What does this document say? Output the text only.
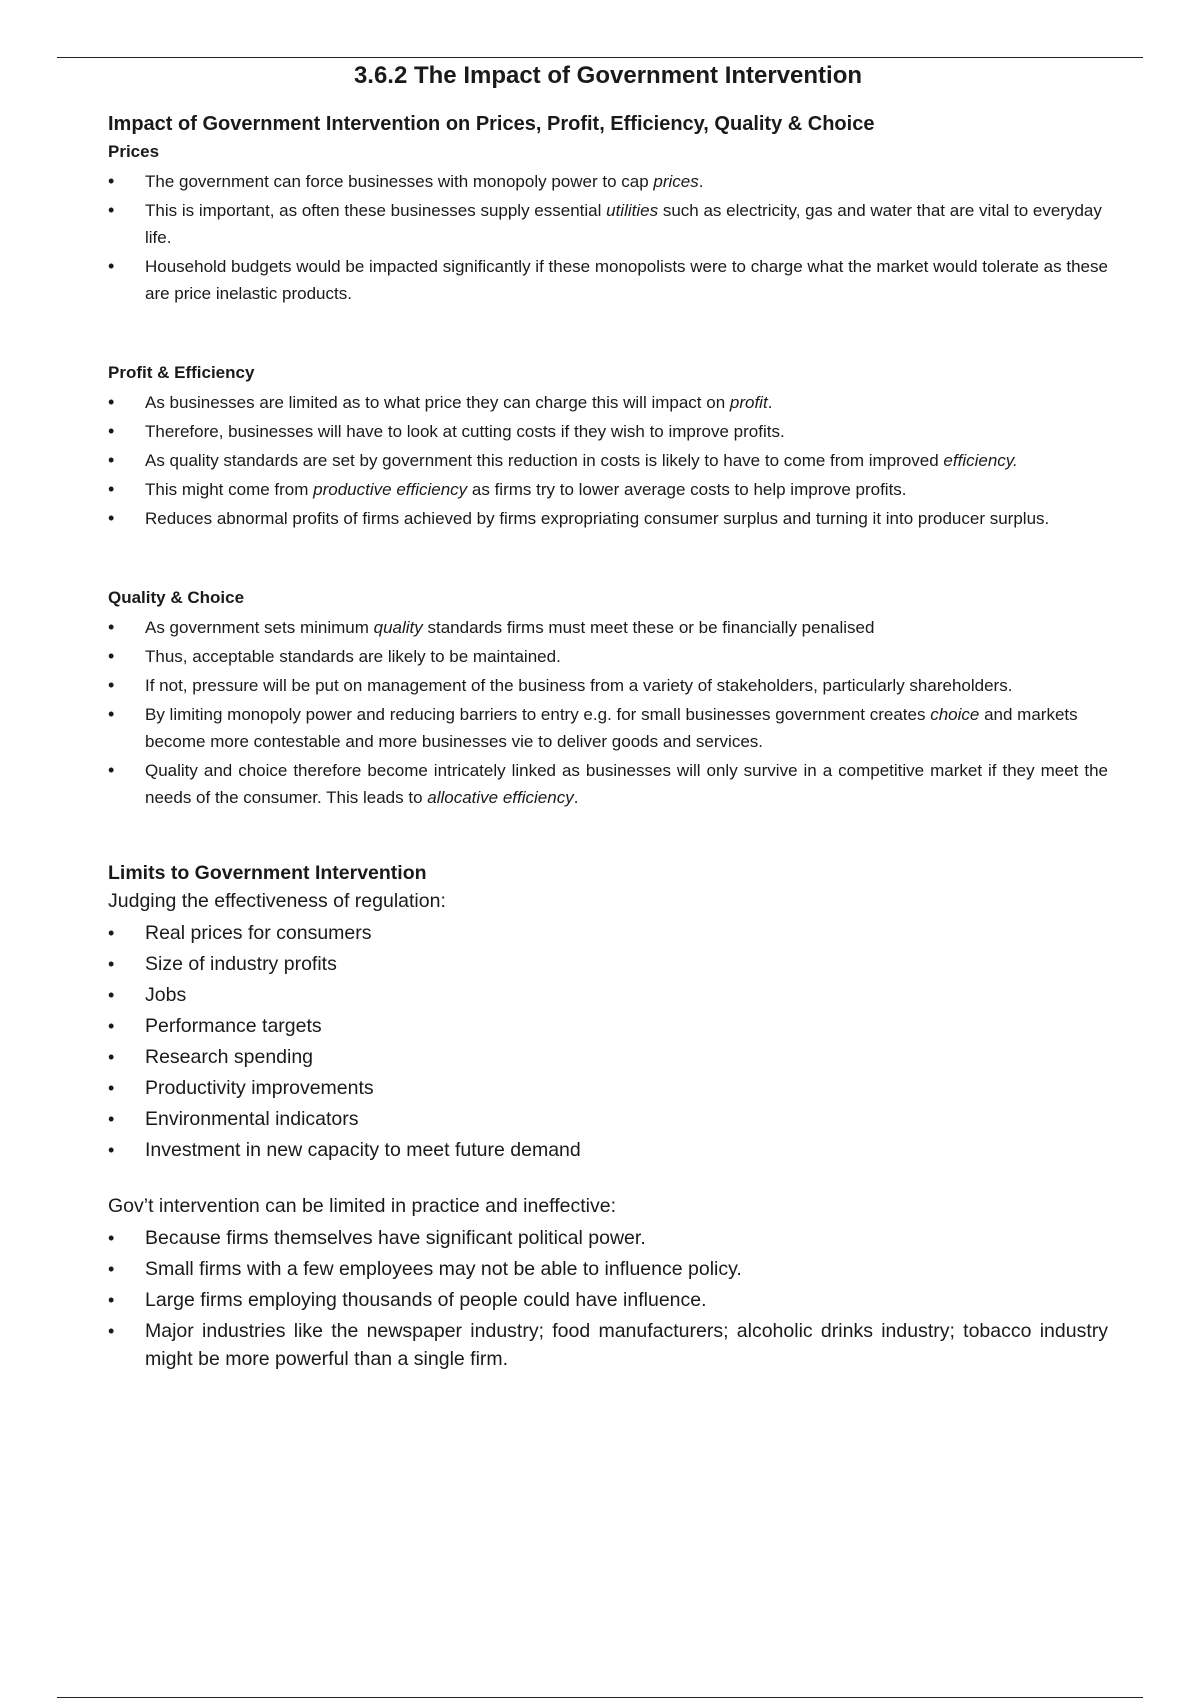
3.6.2 The Impact of Government Intervention
Impact of Government Intervention on Prices, Profit, Efficiency, Quality & Choice
Prices
• The government can force businesses with monopoly power to cap prices.
• This is important, as often these businesses supply essential utilities such as electricity, gas and water that are vital to everyday life.
• Household budgets would be impacted significantly if these monopolists were to charge what the market would tolerate as these are price inelastic products.
Profit & Efficiency
• As businesses are limited as to what price they can charge this will impact on profit.
• Therefore, businesses will have to look at cutting costs if they wish to improve profits.
• As quality standards are set by government this reduction in costs is likely to have to come from improved efficiency.
• This might come from productive efficiency as firms try to lower average costs to help improve profits.
• Reduces abnormal profits of firms achieved by firms expropriating consumer surplus and turning it into producer surplus.
Quality & Choice
• As government sets minimum quality standards firms must meet these or be financially penalised
• Thus, acceptable standards are likely to be maintained.
• If not, pressure will be put on management of the business from a variety of stakeholders, particularly shareholders.
• By limiting monopoly power and reducing barriers to entry e.g. for small businesses government creates choice and markets become more contestable and more businesses vie to deliver goods and services.
• Quality and choice therefore become intricately linked as businesses will only survive in a competitive market if they meet the needs of the consumer. This leads to allocative efficiency.
Limits to Government Intervention

Judging the effectiveness of regulation:

• Real prices for consumers
• Size of industry profits
• Jobs
• Performance targets
• Research spending
• Productivity improvements
• Environmental indicators
• Investment in new capacity to meet future demand

Gov’t intervention can be limited in practice and ineffective:

• Because firms themselves have significant political power.
• Small firms with a few employees may not be able to influence policy.
• Large firms employing thousands of people could have influence.
• Major industries like the newspaper industry; food manufacturers; alcoholic drinks industry; tobacco industry might be more powerful than a single firm.
